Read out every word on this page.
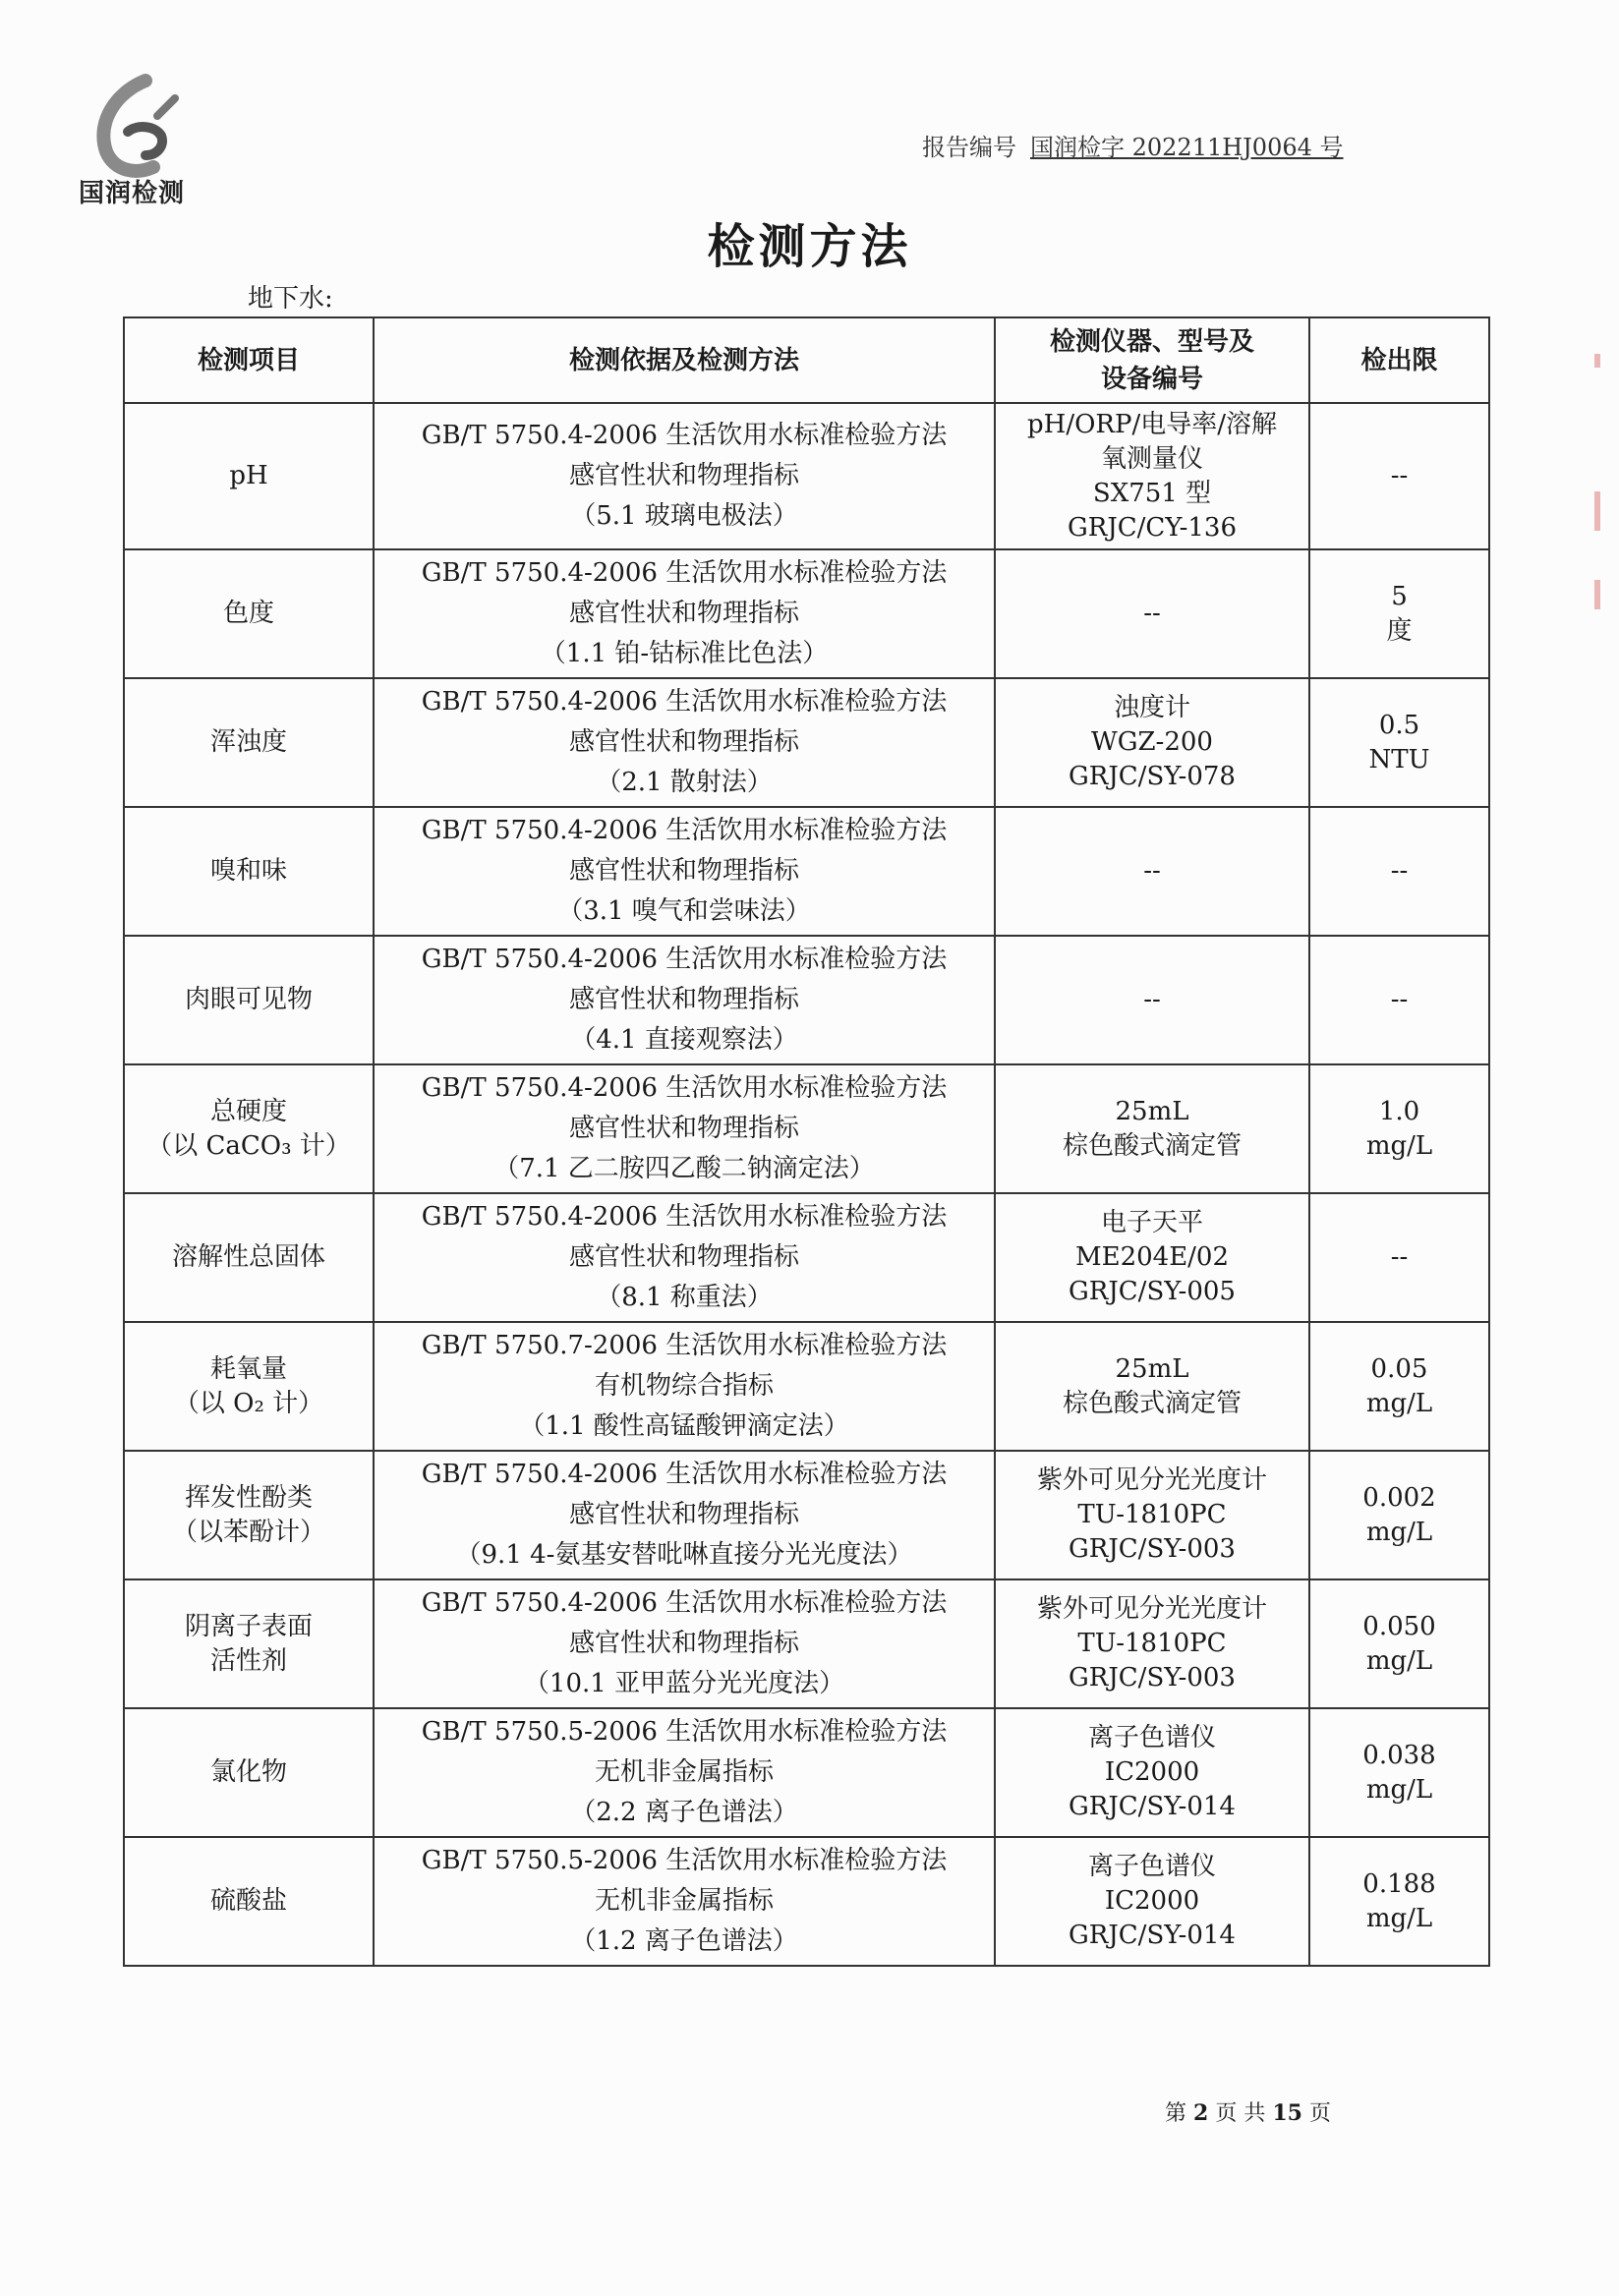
国润检测
报告编号 国润检字 202211HJ0064 号
检测方法
地下水:
检测项目	检测依据及检测方法	检测仪器、型号及
设备编号	检出限

pH	GB/T 5750.4-2006 生活饮用水标准检验方法
感官性状和物理指标
（5.1 玻璃电极法）	pH/ORP/电导率/溶解
氧测量仪
SX751 型
GRJC/CY-136	--

色度	GB/T 5750.4-2006 生活饮用水标准检验方法
感官性状和物理指标
（1.1 铂-钴标准比色法）	--	5
度

浑浊度	GB/T 5750.4-2006 生活饮用水标准检验方法
感官性状和物理指标
（2.1 散射法）	浊度计
WGZ-200
GRJC/SY-078	0.5
NTU

嗅和味	GB/T 5750.4-2006 生活饮用水标准检验方法
感官性状和物理指标
（3.1 嗅气和尝味法）	--	--

肉眼可见物	GB/T 5750.4-2006 生活饮用水标准检验方法
感官性状和物理指标
（4.1 直接观察法）	--	--

总硬度
（以 CaCO₃ 计）	GB/T 5750.4-2006 生活饮用水标准检验方法
感官性状和物理指标
（7.1 乙二胺四乙酸二钠滴定法）	25mL
棕色酸式滴定管	1.0
mg/L

溶解性总固体	GB/T 5750.4-2006 生活饮用水标准检验方法
感官性状和物理指标
（8.1 称重法）	电子天平
ME204E/02
GRJC/SY-005	--

耗氧量
（以 O₂ 计）	GB/T 5750.7-2006 生活饮用水标准检验方法
有机物综合指标
（1.1 酸性高锰酸钾滴定法）	25mL
棕色酸式滴定管	0.05
mg/L

挥发性酚类
（以苯酚计）	GB/T 5750.4-2006 生活饮用水标准检验方法
感官性状和物理指标
（9.1 4-氨基安替吡啉直接分光光度法）	紫外可见分光光度计
TU-1810PC
GRJC/SY-003	0.002
mg/L

阴离子表面
活性剂	GB/T 5750.4-2006 生活饮用水标准检验方法
感官性状和物理指标
（10.1 亚甲蓝分光光度法）	紫外可见分光光度计
TU-1810PC
GRJC/SY-003	0.050
mg/L

氯化物	GB/T 5750.5-2006 生活饮用水标准检验方法
无机非金属指标
（2.2 离子色谱法）	离子色谱仪
IC2000
GRJC/SY-014	0.038
mg/L

硫酸盐	GB/T 5750.5-2006 生活饮用水标准检验方法
无机非金属指标
（1.2 离子色谱法）	离子色谱仪
IC2000
GRJC/SY-014	0.188
mg/L
第 2 页 共 15 页
